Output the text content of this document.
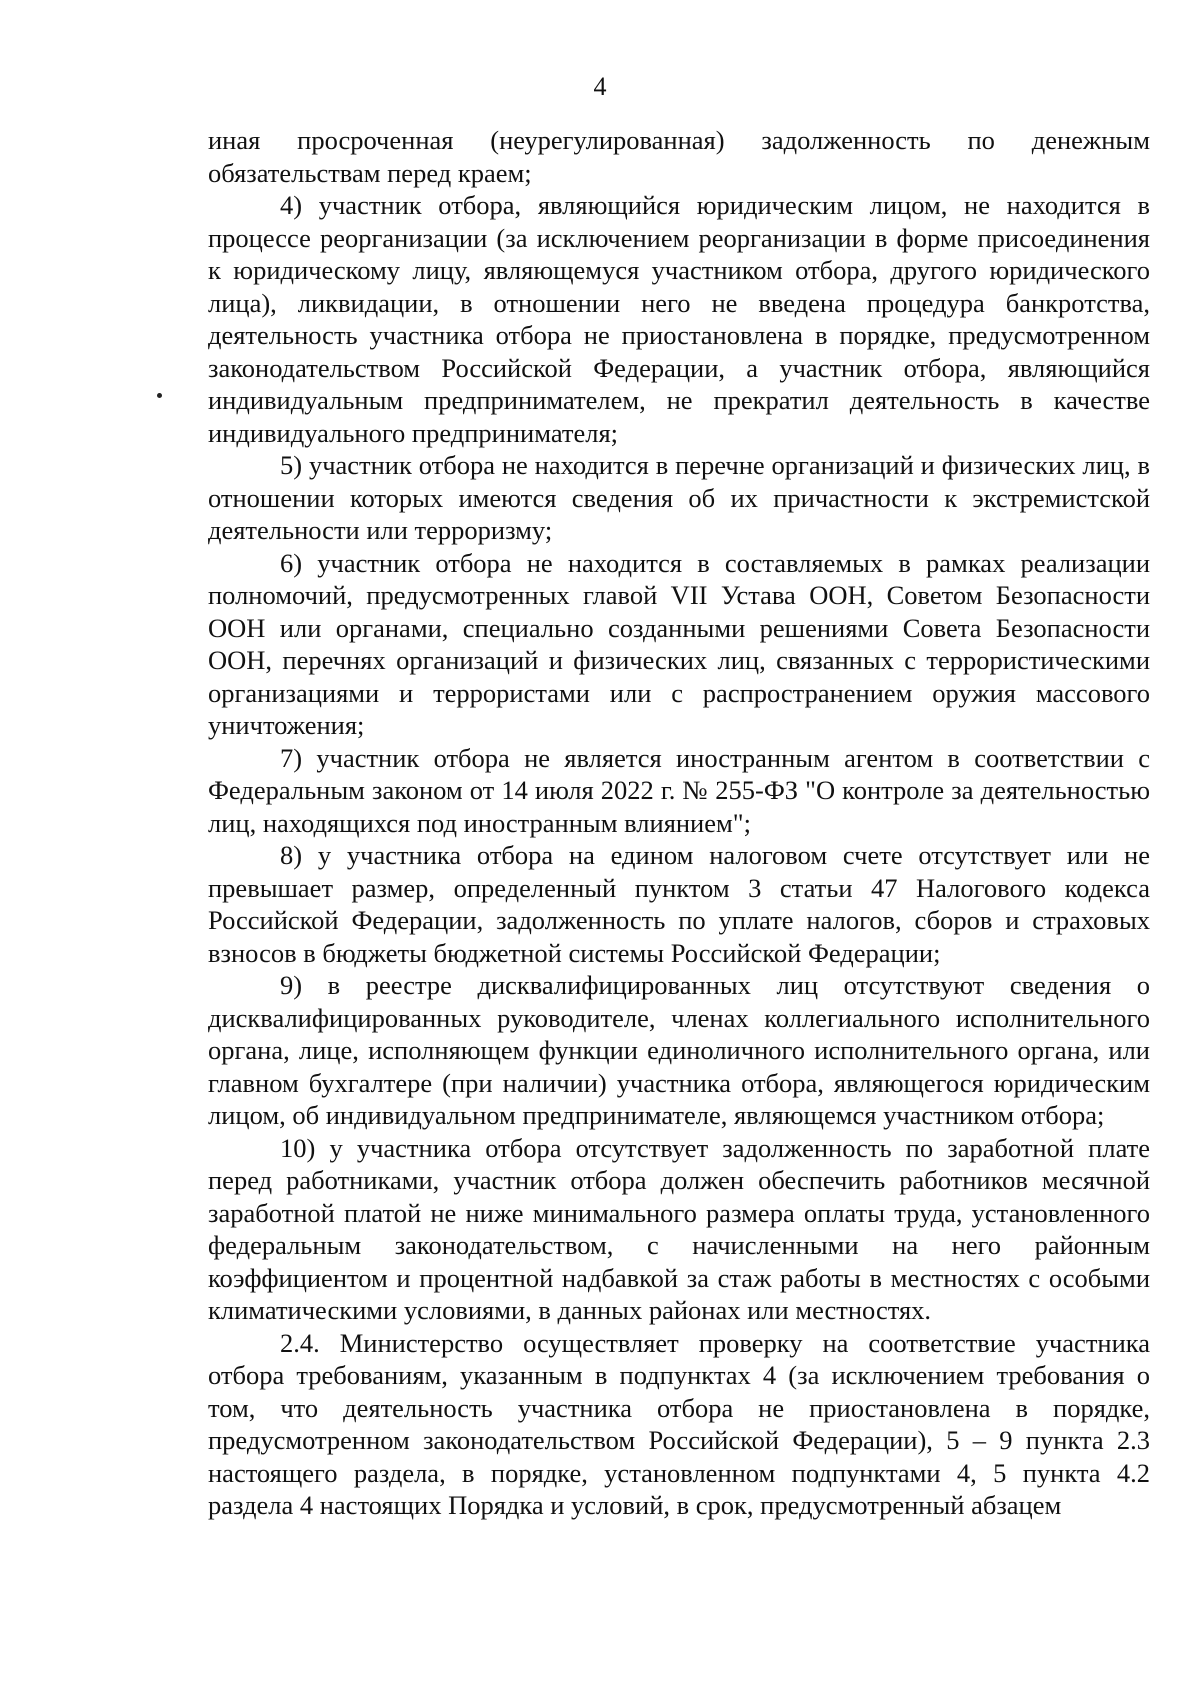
4

иная просроченная (неурегулированная) задолженность по денежным обязательствам перед краем;

4) участник отбора, являющийся юридическим лицом, не находится в процессе реорганизации (за исключением реорганизации в форме присоединения к юридическому лицу, являющемуся участником отбора, другого юридического лица), ликвидации, в отношении него не введена процедура банкротства, деятельность участника отбора не приостановлена в порядке, предусмотренном законодательством Российской Федерации, а участник отбора, являющийся индивидуальным предпринимателем, не прекратил деятельность в качестве индивидуального предпринимателя;

5) участник отбора не находится в перечне организаций и физических лиц, в отношении которых имеются сведения об их причастности к экстремистской деятельности или терроризму;

6) участник отбора не находится в составляемых в рамках реализации полномочий, предусмотренных главой VII Устава ООН, Советом Безопасности ООН или органами, специально созданными решениями Совета Безопасности ООН, перечнях организаций и физических лиц, связанных с террористическими организациями и террористами или с распространением оружия массового уничтожения;

7) участник отбора не является иностранным агентом в соответствии с Федеральным законом от 14 июля 2022 г. № 255-ФЗ "О контроле за деятельностью лиц, находящихся под иностранным влиянием";

8) у участника отбора на едином налоговом счете отсутствует или не превышает размер, определенный пунктом 3 статьи 47 Налогового кодекса Российской Федерации, задолженность по уплате налогов, сборов и страховых взносов в бюджеты бюджетной системы Российской Федерации;

9) в реестре дисквалифицированных лиц отсутствуют сведения о дисквалифицированных руководителе, членах коллегиального исполнительного органа, лице, исполняющем функции единоличного исполнительного органа, или главном бухгалтере (при наличии) участника отбора, являющегося юридическим лицом, об индивидуальном предпринимателе, являющемся участником отбора;

10) у участника отбора отсутствует задолженность по заработной плате перед работниками, участник отбора должен обеспечить работников месячной заработной платой не ниже минимального размера оплаты труда, установленного федеральным законодательством, с начисленными на него районным коэффициентом и процентной надбавкой за стаж работы в местностях с особыми климатическими условиями, в данных районах или местностях.

2.4. Министерство осуществляет проверку на соответствие участника отбора требованиям, указанным в подпунктах 4 (за исключением требования о том, что деятельность участника отбора не приостановлена в порядке, предусмотренном законодательством Российской Федерации), 5 – 9 пункта 2.3 настоящего раздела, в порядке, установленном подпунктами 4, 5 пункта 4.2 раздела 4 настоящих Порядка и условий, в срок, предусмотренный абзацем
